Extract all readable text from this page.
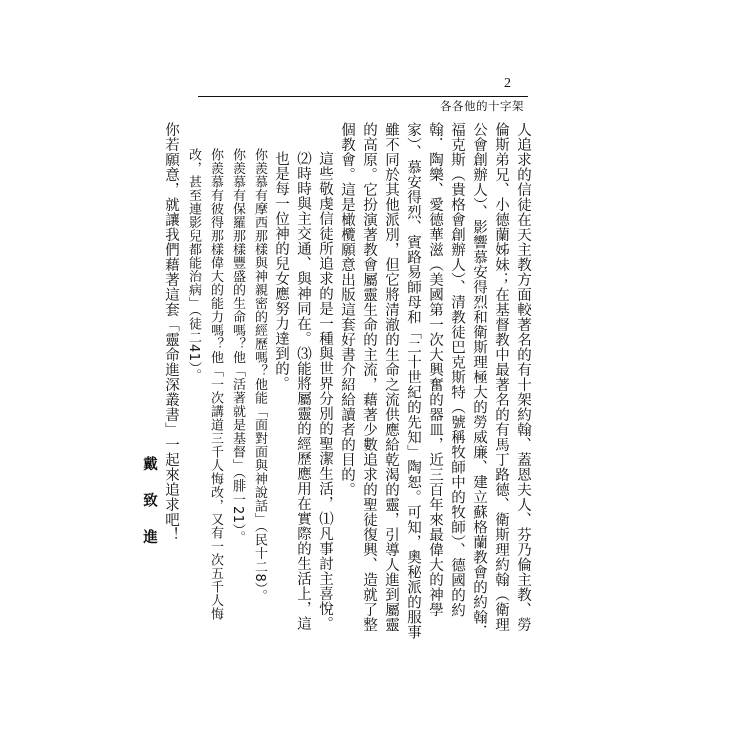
2
架字十的他各各

人追求的信徒在天主教方面較著名的有十架約翰、蓋恩夫人、芬乃倫主教、勞倫斯弟兄、小德蘭姊妹；在基督教中最著名的有馬丁路德、衛斯理約翰（衛理公會創辦人）、影響慕安得烈和衛斯理極大的勞威廉、建立蘇格蘭教會的約翰．福克斯（貴格會創辦人）、清教徒巴克斯特（號稱牧師中的牧師）、德國的約翰．陶樂、愛德華滋（美國第一次大興奮的器皿，近三百年來最偉大的神學家）、慕安得烈、賓路易師母和「二十世紀的先知」陶恕。可知，奧秘派的服事雖不同於其他派別，但它將清澈的生命之流供應給乾渴的靈，引導人進到屬靈的高原。它扮演著教會屬靈生命的主流，藉著少數追求的聖徒復興、造就了整個教會。這是橄欖願意出版這套好書介紹給讀者的目的。

這些敬虔信徒所追求的是一種與世界分別的聖潔生活，⑴凡事討主喜悅。⑵時時與主交通、與神同在。⑶能將屬靈的經歷應用在實際的生活上，這也是每一位神的兒女應努力達到的。

你羨慕有摩西那樣與神親密的經歷嗎？他能「面對面與神說話」（民十二8）。

你羨慕有保羅那樣豐盛的生命嗎？他「活著就是基督」（腓一21）。

你羨慕有彼得那樣偉大的能力嗎？他「一次講道三千人悔改，又有一次五千人悔改，甚至連影兒都能治病」（徒二41）。

你若願意，就讓我們藉著這套「靈命進深叢書」一起來追求吧！

戴致進
